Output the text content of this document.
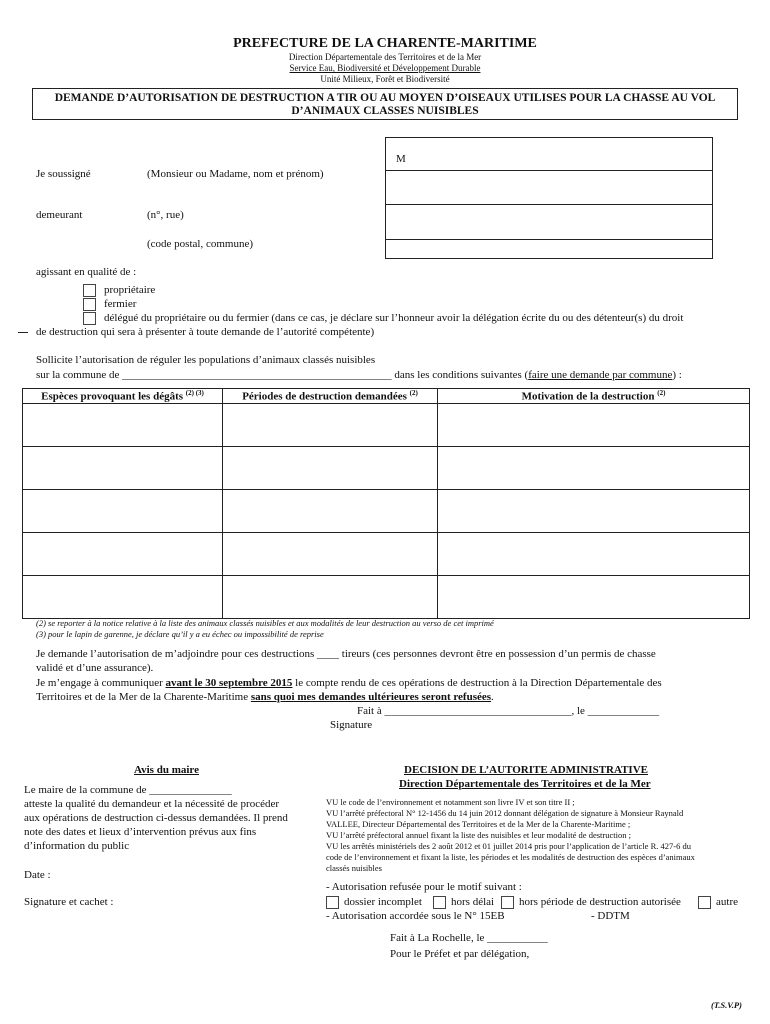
PREFECTURE DE LA CHARENTE-MARITIME
Direction Départementale des Territoires et de la Mer
Service Eau, Biodiversité et Développement Durable
Unité Milieux, Forêt et Biodiversité
DEMANDE D’AUTORISATION DE DESTRUCTION A TIR OU AU MOYEN D’OISEAUX UTILISES POUR LA CHASSE AU VOL
D’ANIMAUX CLASSES NUISIBLES
M
Je soussigné	(Monsieur ou Madame, nom et prénom)
demeurant	(n°, rue)
(code postal, commune)
agissant en qualité de :
propriétaire
fermier
délégué du propriétaire ou du fermier (dans ce cas, je déclare sur l’honneur avoir la délégation écrite du ou des détenteur(s) du droit
de destruction qui sera à présenter à toute demande de l’autorité compétente)
Sollicite l’autorisation de réguler les populations d’animaux classés nuisibles
sur la commune de _________________________________________________ dans les conditions suivantes (faire une demande par commune) :
Espèces provoquant les dégâts $^{(2) (3)}$	Périodes de destruction demandées $^{(2)}$	Motivation de la destruction $^{(2)}$

(2) se reporter à la notice relative à la liste des animaux classés nuisibles et aux modalités de leur destruction au verso de cet imprimé
(3) pour le lapin de garenne, je déclare qu’il y a eu échec ou impossibilité de reprise
Je demande l’autorisation de m’adjoindre pour ces destructions ____ tireurs (ces personnes devront être en possession d’un permis de chasse
validé et d’une assurance).
Je m’engage à communiquer avant le 30 septembre 2015 le compte rendu de ces opérations de destruction à la Direction Départementale des
Territoires et de la Mer de la Charente-Maritime sans quoi mes demandes ultérieures seront refusées.
Fait à __________________________________, le _____________
Signature
Avis du maire
Le maire de la commune de _______________
atteste la qualité du demandeur et la nécessité de procéder
aux opérations de destruction ci-dessus demandées. Il prend
note des dates et lieux d’intervention prévus aux fins
d’information du public
Date :
Signature et cachet :
DECISION DE L’AUTORITE ADMINISTRATIVE
Direction Départementale des Territoires et de la Mer
VU le code de l’environnement et notamment son livre IV et son titre II ;
VU l’arrêté préfectoral N° 12-1456 du 14 juin 2012 donnant délégation de signature à Monsieur Raynald
VALLEE, Directeur Départemental des Territoires et de la Mer de la Charente-Maritime ;
VU l’arrêté préfectoral annuel fixant la liste des nuisibles et leur modalité de destruction ;
VU les arrêtés ministériels des 2 août 2012 et 01 juillet 2014 pris pour l’application de l’article R. 427-6 du
code de l’environnement et fixant la liste, les périodes et les modalités de destruction des espèces d’animaux
classés nuisibles
- Autorisation refusée pour le motif suivant :
dossier incomplet	hors délai hors période de destruction autorisée	autre
- Autorisation accordée sous le N° 15EB	- DDTM
Fait à La Rochelle, le ___________
Pour le Préfet et par délégation,
(T.S.V.P)
